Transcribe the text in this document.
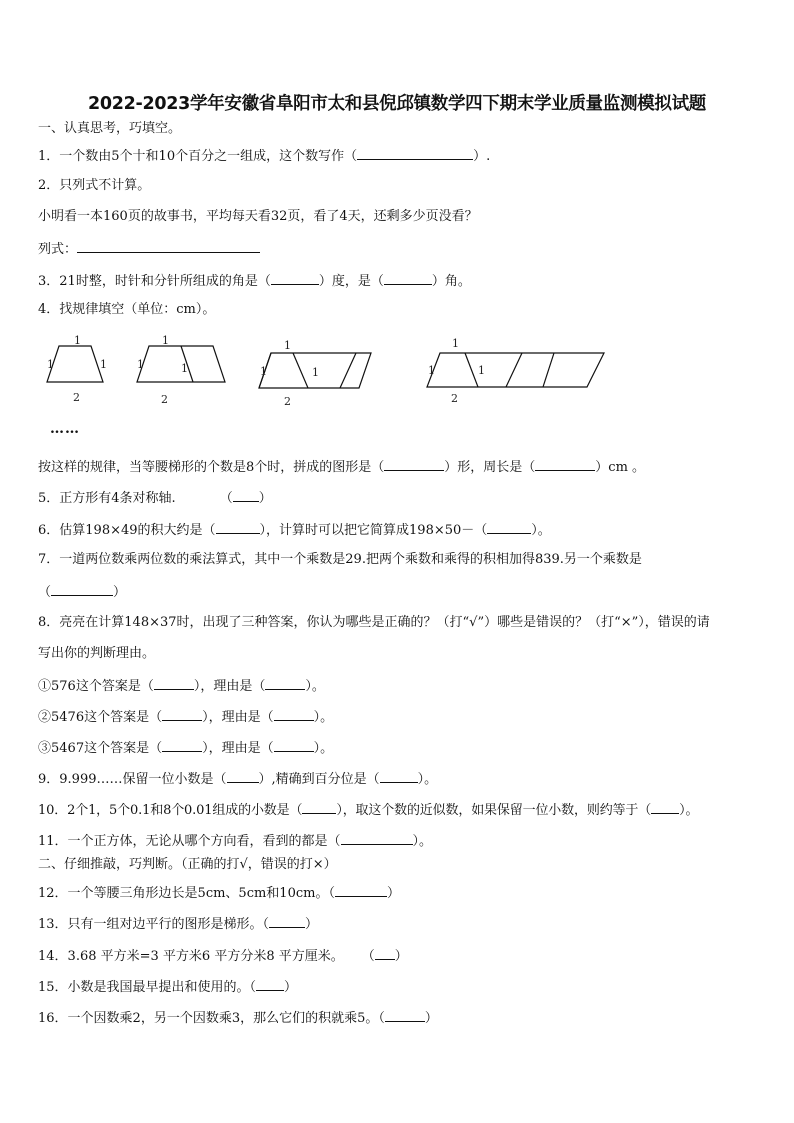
2022-2023学年安徽省阜阳市太和县倪邱镇数学四下期末学业质量监测模拟试题
一、认真思考，巧填空。
1．一个数由5个十和10个百分之一组成，这个数写作（	）.
2．只列式不计算。
小明看一本160页的故事书，平均每天看32页，看了4天，还剩多少页没看？
列式：
3．21时整，时针和分针所组成的角是（	）度，是（	）角。
4．找规律填空（单位：cm）。
1
1	1
2
1
1	1
2
1
1	1
2
1
1	1
2
……
按这样的规律，当等腰梯形的个数是8个时，拼成的图形是（	）形，周长是（	）cm 。
5．正方形有4条对称轴.	（ ）
6．估算198×49的积大约是（	），计算时可以把它简算成198×50－（	）。
7．一道两位数乘两位数的乘法算式，其中一个乘数是29.把两个乘数和乘得的积相加得839.另一个乘数是
（	）
8．亮亮在计算148×37时，出现了三种答案，你认为哪些是正确的？（打“√”）哪些是错误的？（打“×”），错误的请
写出你的判断理由。
①576这个答案是（	），理由是（	）。
②5476这个答案是（	），理由是（	）。
③5467这个答案是（	），理由是（	）。
9．9.999……保留一位小数是（ ）,精确到百分位是（	）。
10．2个1，5个0.1和8个0.01组成的小数是（	），取这个数的近似数，如果保留一位小数，则约等于（ ）。
11．一个正方体，无论从哪个方向看，看到的都是（	）。
二、仔细推敲，巧判断。（正确的打√，错误的打×）
12．一个等腰三角形边长是5cm、5cm和10cm。（	）
13．只有一组对边平行的图形是梯形。（	）
14．3.68 平方米=3 平方米6 平方分米8 平方厘米。 （ ）
15．小数是我国最早提出和使用的。（ ）
16．一个因数乘2，另一个因数乘3，那么它们的积就乘5。（	）
